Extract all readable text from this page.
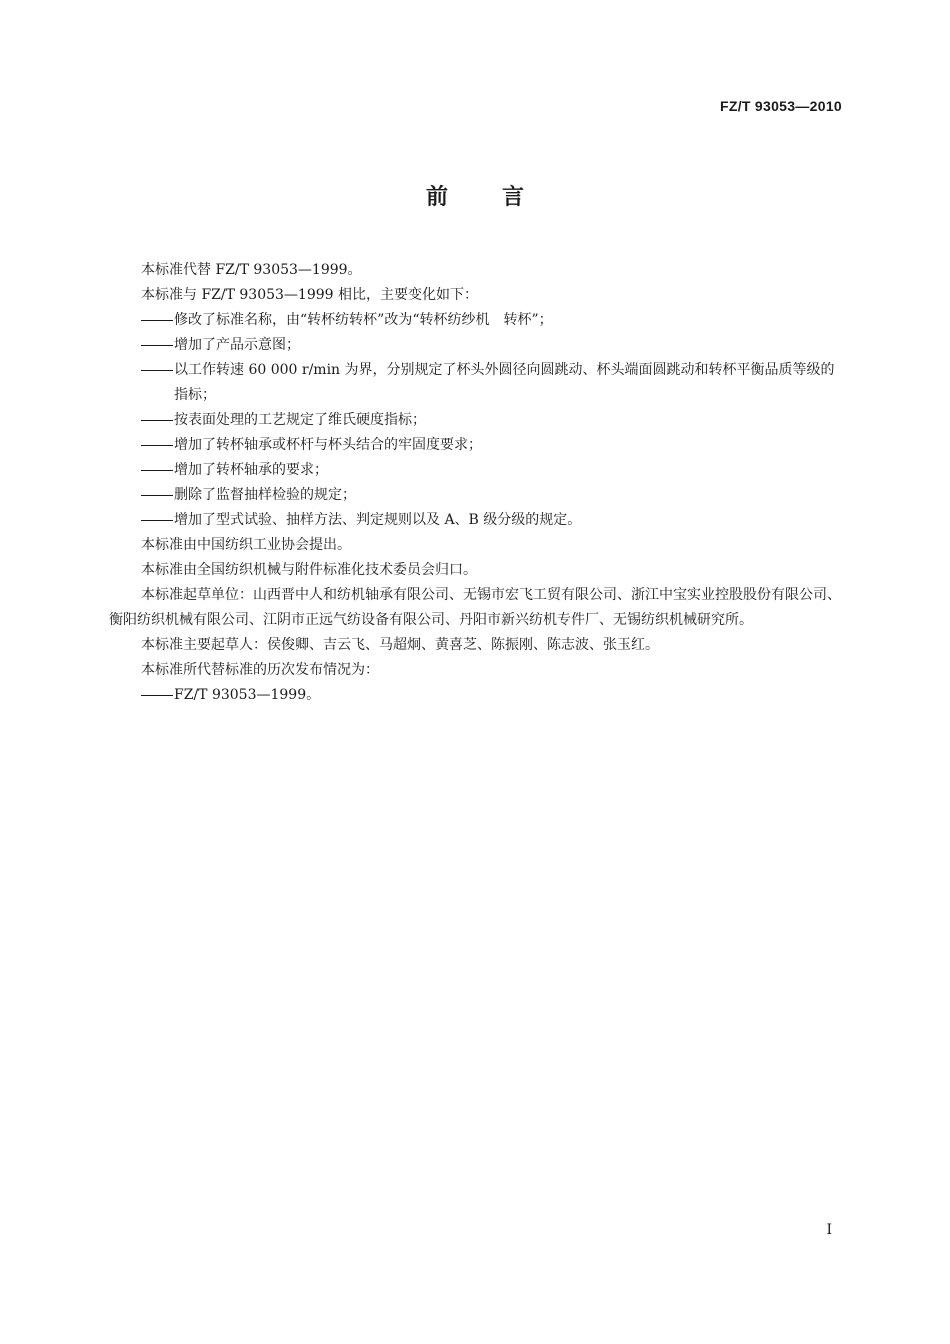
FZ/T 93053—2010
前 言

本标准代替 FZ/T 93053—1999。

本标准与 FZ/T 93053—1999 相比，主要变化如下：

修改了标准名称，由“转杯纺转杯”改为“转杯纺纱机　转杯”；

增加了产品示意图；

以工作转速 60 000 r/min 为界，分别规定了杯头外圆径向圆跳动、杯头端面圆跳动和转杯平衡品质等级的指标；

按表面处理的工艺规定了维氏硬度指标；

增加了转杯轴承或杯杆与杯头结合的牢固度要求；

增加了转杯轴承的要求；

删除了监督抽样检验的规定；

增加了型式试验、抽样方法、判定规则以及 A、B 级分级的规定。

本标准由中国纺织工业协会提出。

本标准由全国纺织机械与附件标准化技术委员会归口。

本标准起草单位：山西晋中人和纺机轴承有限公司、无锡市宏飞工贸有限公司、浙江中宝实业控股股份有限公司、衡阳纺织机械有限公司、江阴市正远气纺设备有限公司、丹阳市新兴纺机专件厂、无锡纺织机械研究所。

本标准主要起草人：侯俊卿、吉云飞、马超炯、黄喜芝、陈振刚、陈志波、张玉红。

本标准所代替标准的历次发布情况为：

FZ/T 93053—1999。

I
